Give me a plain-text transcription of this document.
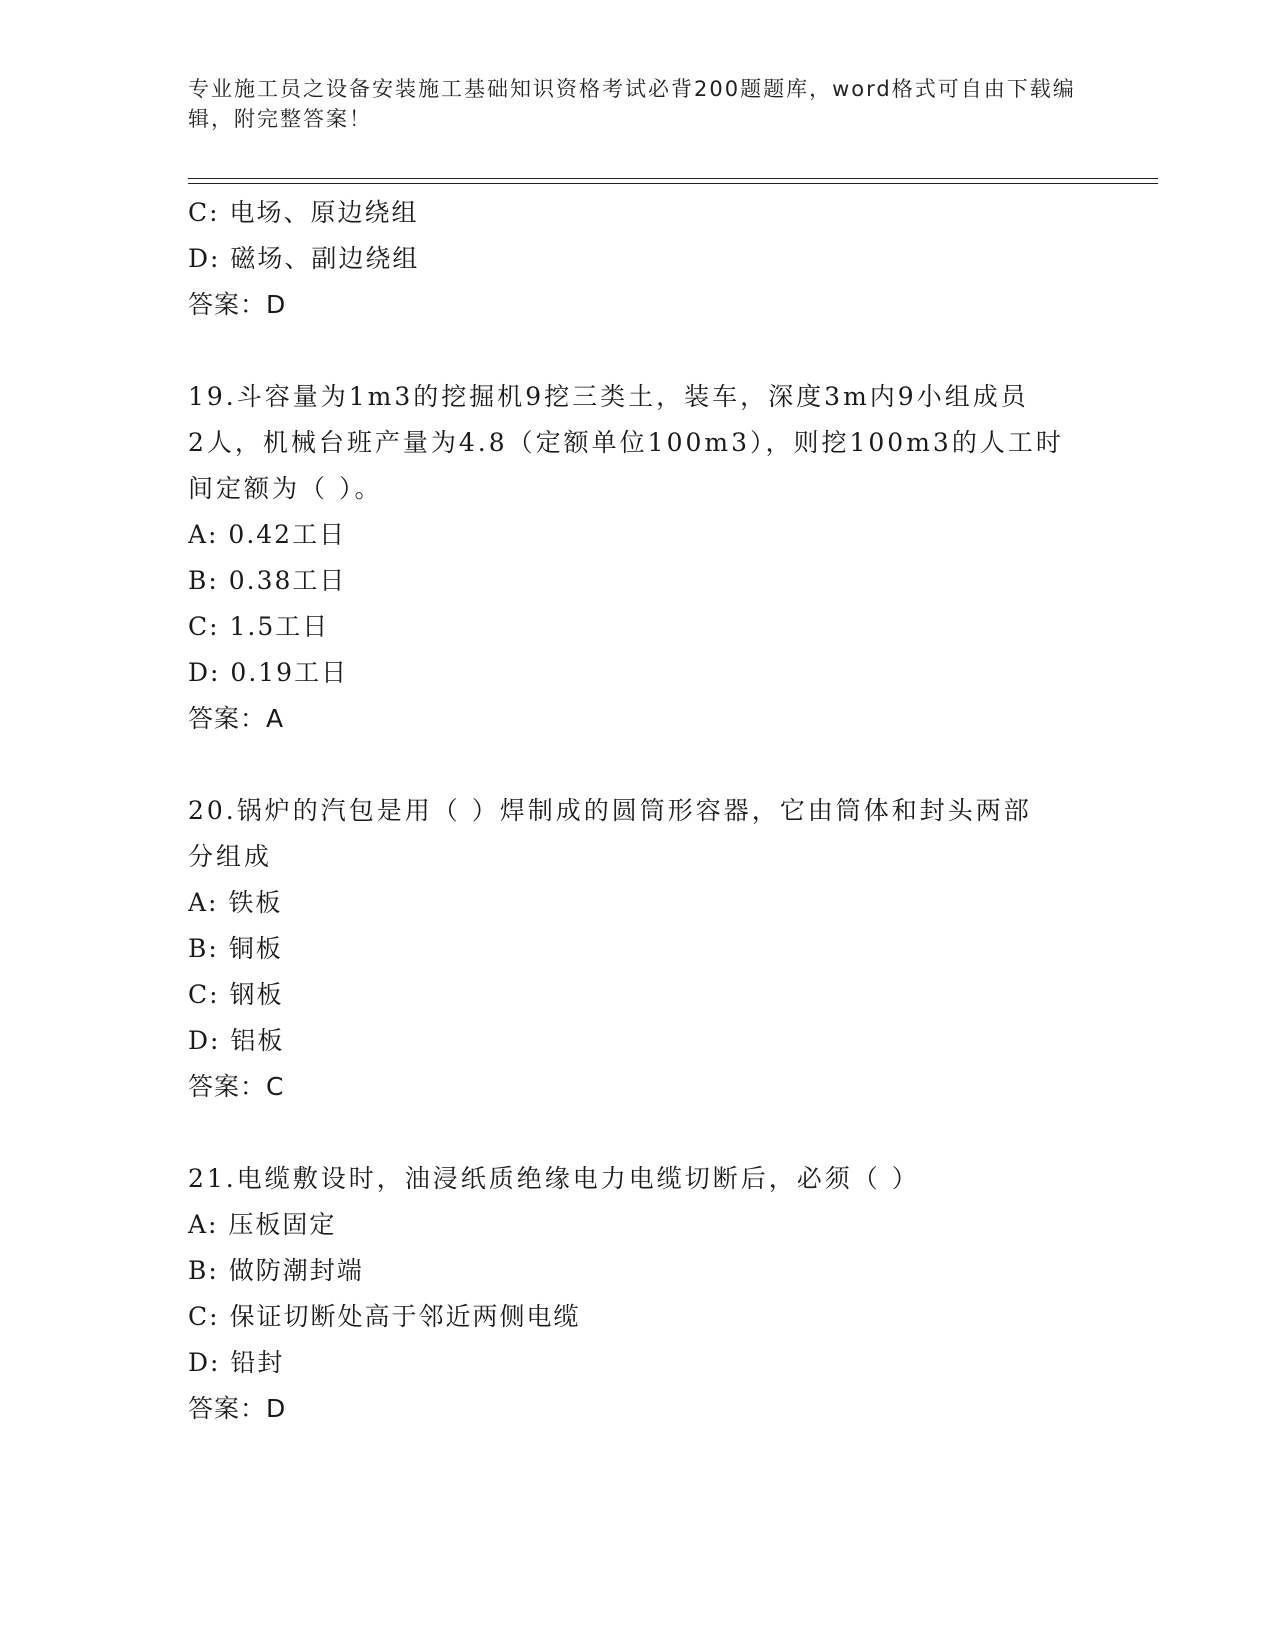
专业施工员之设备安装施工基础知识资格考试必背200题题库，word格式可自由下载编辑，附完整答案！
C: 电场、原边绕组
D: 磁场、副边绕组
答案：D
19.斗容量为1m3的挖掘机9挖三类土，装车，深度3m内9小组成员
2人，机械台班产量为4.8（定额单位100m3），则挖100m3的人工时
间定额为（ ）。
A: 0.42工日
B: 0.38工日
C: 1.5工日
D: 0.19工日
答案：A
20.锅炉的汽包是用（ ）焊制成的圆筒形容器，它由筒体和封头两部
分组成
A: 铁板
B: 铜板
C: 钢板
D: 铝板
答案：C
21.电缆敷设时，油浸纸质绝缘电力电缆切断后，必须（ ）
A: 压板固定
B: 做防潮封端
C: 保证切断处高于邻近两侧电缆
D: 铅封
答案：D
